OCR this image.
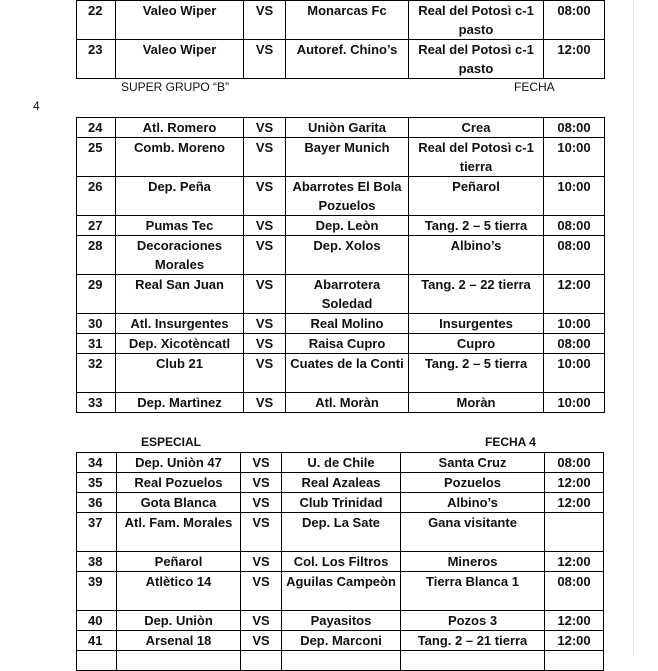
22	Valeo Wiper	VS	Monarcas Fc	Real del Potosì c-1 pasto	08:00
23	Valeo Wiper	VS	Autoref. Chino’s	Real del Potosì c-1 pasto	12:00
SUPER GRUPO “B”	FECHA
4
24	Atl. Romero	VS	Uniòn Garita	Crea	08:00
25	Comb. Moreno	VS	Bayer Munich	Real del Potosì c-1 tierra	10:00
26	Dep. Peña	VS	Abarrotes El Bola Pozuelos	Peñarol	10:00
27	Pumas Tec	VS	Dep. Leòn	Tang. 2 – 5 tierra	08:00
28	Decoraciones Morales	VS	Dep. Xolos	Albino’s	08:00
29	Real San Juan	VS	Abarrotera Soledad	Tang. 2 – 22 tierra	12:00
30	Atl. Insurgentes	VS	Real Molino	Insurgentes	10:00
31	Dep. Xicotèncatl	VS	Raisa Cupro	Cupro	08:00
32	Club 21	VS	Cuates de la Conti	Tang. 2 – 5 tierra	10:00
33	Dep. Martìnez	VS	Atl. Moràn	Moràn	10:00
ESPECIAL	FECHA 4
34	Dep. Uniòn 47	VS	U. de Chile	Santa Cruz	08:00
35	Real Pozuelos	VS	Real Azaleas	Pozuelos	12:00
36	Gota Blanca	VS	Club Trinidad	Albino’s	12:00
37	Atl. Fam. Morales	VS	Dep. La Sate	Gana visitante	
38	Peñarol	VS	Col. Los Filtros	Mineros	12:00
39	Atlètico 14	VS	Aguilas Campeòn	Tierra Blanca 1	08:00
40	Dep. Uniòn	VS	Payasitos	Pozos 3	12:00
41	Arsenal 18	VS	Dep. Marconi	Tang. 2 – 21 tierra	12:00
